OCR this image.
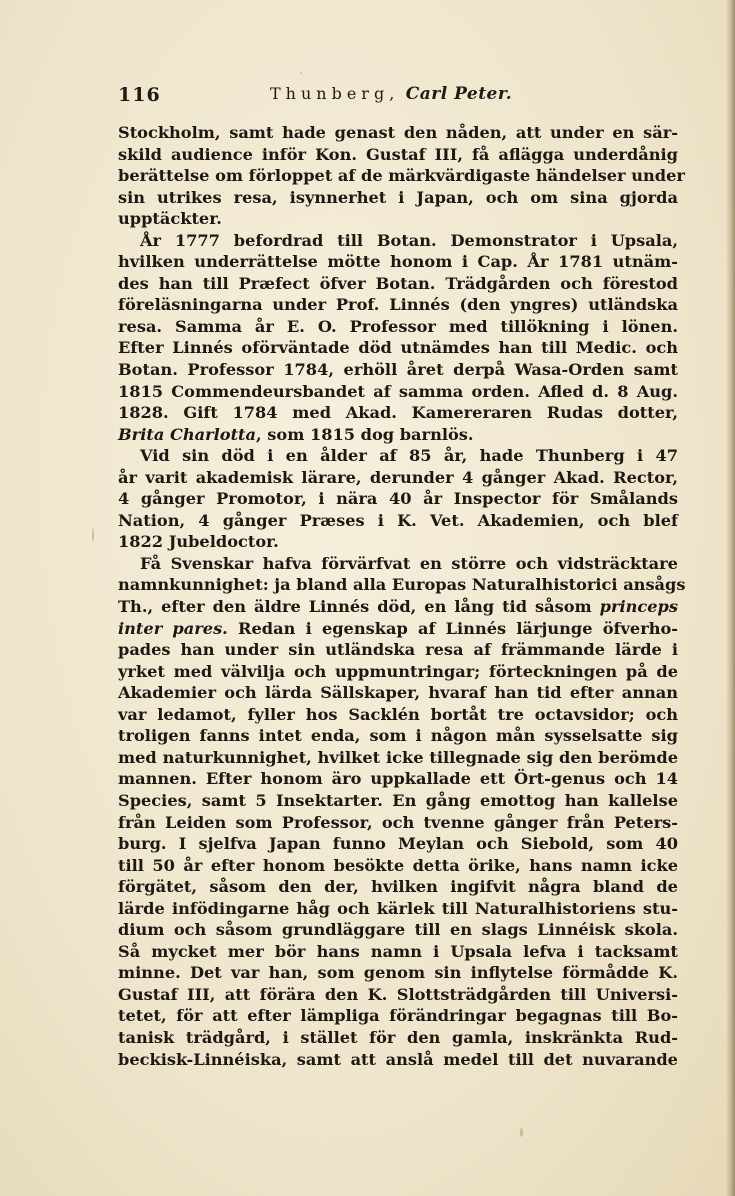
116	Thunberg, Carl Peter.
Stockholm, samt hade genast den nåden, att under en sär-
skild audience inför Kon. Gustaf III, få aflägga underdånig
berättelse om förloppet af de märkvärdigaste händelser under
sin utrikes resa, isynnerhet i Japan, och om sina gjorda
upptäckter.
År 1777 befordrad till Botan. Demonstrator i Upsala,
hvilken underrättelse mötte honom i Cap. År 1781 utnäm-
des han till Præfect öfver Botan. Trädgården och förestod
föreläsningarna under Prof. Linnés (den yngres) utländska
resa. Samma år E. O. Professor med tillökning i lönen.
Efter Linnés oförväntade död utnämdes han till Medic. och
Botan. Professor 1784, erhöll året derpå Wasa-Orden samt
1815 Commendeursbandet af samma orden. Afled d. 8 Aug.
1828. Gift 1784 med Akad. Kamereraren Rudas dotter,
Brita Charlotta, som 1815 dog barnlös.
Vid sin död i en ålder af 85 år, hade Thunberg i 47
år varit akademisk lärare, derunder 4 gånger Akad. Rector,
4 gånger Promotor, i nära 40 år Inspector för Smålands
Nation, 4 gånger Præses i K. Vet. Akademien, och blef
1822 Jubeldoctor.
Få Svenskar hafva förvärfvat en större och vidsträcktare
namnkunnighet: ja bland alla Europas Naturalhistorici ansågs
Th., efter den äldre Linnés död, en lång tid såsom princeps
inter pares. Redan i egenskap af Linnés lärjunge öfverho-
pades han under sin utländska resa af främmande lärde i
yrket med välvilja och uppmuntringar; förteckningen på de
Akademier och lärda Sällskaper, hvaraf han tid efter annan
var ledamot, fyller hos Sacklén bortåt tre octavsidor; och
troligen fanns intet enda, som i någon mån sysselsatte sig
med naturkunnighet, hvilket icke tillegnade sig den berömde
mannen. Efter honom äro uppkallade ett Ört-genus och 14
Species, samt 5 Insektarter. En gång emottog han kallelse
från Leiden som Professor, och tvenne gånger från Peters-
burg. I sjelfva Japan funno Meylan och Siebold, som 40
till 50 år efter honom besökte detta örike, hans namn icke
förgätet, såsom den der, hvilken ingifvit några bland de
lärde infödingarne håg och kärlek till Naturalhistoriens stu-
dium och såsom grundläggare till en slags Linnéisk skola.
Så mycket mer bör hans namn i Upsala lefva i tacksamt
minne. Det var han, som genom sin inflytelse förmådde K.
Gustaf III, att förära den K. Slottsträdgården till Universi-
tetet, för att efter lämpliga förändringar begagnas till Bo-
tanisk trädgård, i stället för den gamla, inskränkta Rud-
beckisk-Linnéiska, samt att anslå medel till det nuvarande
